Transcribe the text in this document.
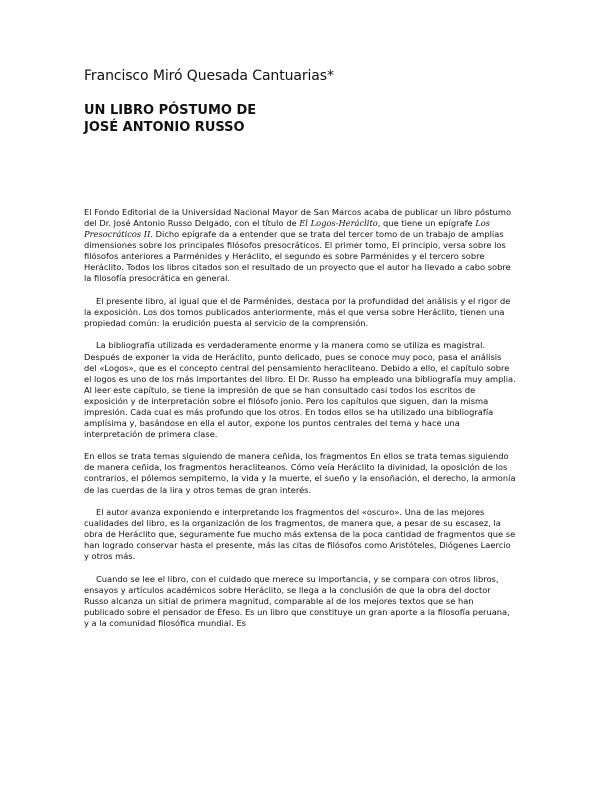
Francisco Miró Quesada Cantuarias*
UN LIBRO PÓSTUMO DE
JOSÉ ANTONIO RUSSO

El Fondo Editorial de la Universidad Nacional Mayor de San Marcos acaba de publicar un libro póstumo del Dr. José Antonio Russo Delgado, con el título de El Logos-Heráclito, que tiene un epígrafe Los Presocráticos II. Dicho epígrafe da a entender que se trata del tercer tomo de un trabajo de amplias dimensiones sobre los principales filósofos presocráticos. El primer tomo, El principio, versa sobre los filósofos anteriores a Parménides y Heráclito, el segundo es sobre Parménides y el tercero sobre Heráclito. Todos los libros citados son el resultado de un proyecto que el autor ha llevado a cabo sobre la filosofía presocrática en general.

El presente libro, al igual que el de Parménides, destaca por la profundidad del análisis y el rigor de la exposición. Los dos tomos publicados anteriormente, más el que versa sobre Heráclito, tienen una propiedad común: la erudición puesta al servicio de la comprensión.

La bibliografía utilizada es verdaderamente enorme y la manera como se utiliza es magistral. Después de exponer la vida de Heráclito, punto delicado, pues se conoce muy poco, pasa el análisis del «Logos», que es el concepto central del pensamiento heracliteano. Debido a ello, el capítulo sobre el logos es uno de los más importantes del libro. El Dr. Russo ha empleado una bibliografía muy amplia. Al leer este capítulo, se tiene la impresión de que se han consultado casi todos los escritos de exposición y de interpretación sobre el filósofo jonio. Pero los capítulos que siguen, dan la misma impresión. Cada cual es más profundo que los otros. En todos ellos se ha utilizado una bibliografía amplísima y, basándose en ella el autor, expone los puntos centrales del tema y hace una interpretación de primera clase.

En ellos se trata temas siguiendo de manera ceñida, los fragmentos En ellos se trata temas siguiendo de manera ceñida, los fragmentos heracliteanos. Cómo veía Heráclito la divinidad, la oposición de los contrarios, el pólemos sempiterno, la vida y la muerte, el sueño y la ensoñación, el derecho, la armonía de las cuerdas de la lira y otros temas de gran interés.

El autor avanza exponiendo e interpretando los fragmentos del «oscuro». Una de las mejores cualidades del libro, es la organización de los fragmentos, de manera que, a pesar de su escasez, la obra de Heráclito que, seguramente fue mucho más extensa de la poca cantidad de fragmentos que se han logrado conservar hasta el presente, más las citas de filósofos como Aristóteles, Diógenes Laercio y otros más.

Cuando se lee el libro, con el cuidado que merece su importancia, y se compara con otros libros, ensayos y artículos académicos sobre Heráclito, se llega a la conclusión de que la obra del doctor Russo alcanza un sitial de primera magnitud, comparable al de los mejores textos que se han publicado sobre el pensador de Éfeso. Es un libro que constituye un gran aporte a la filosofía peruana, y a la comunidad filosófica mundial. Es
